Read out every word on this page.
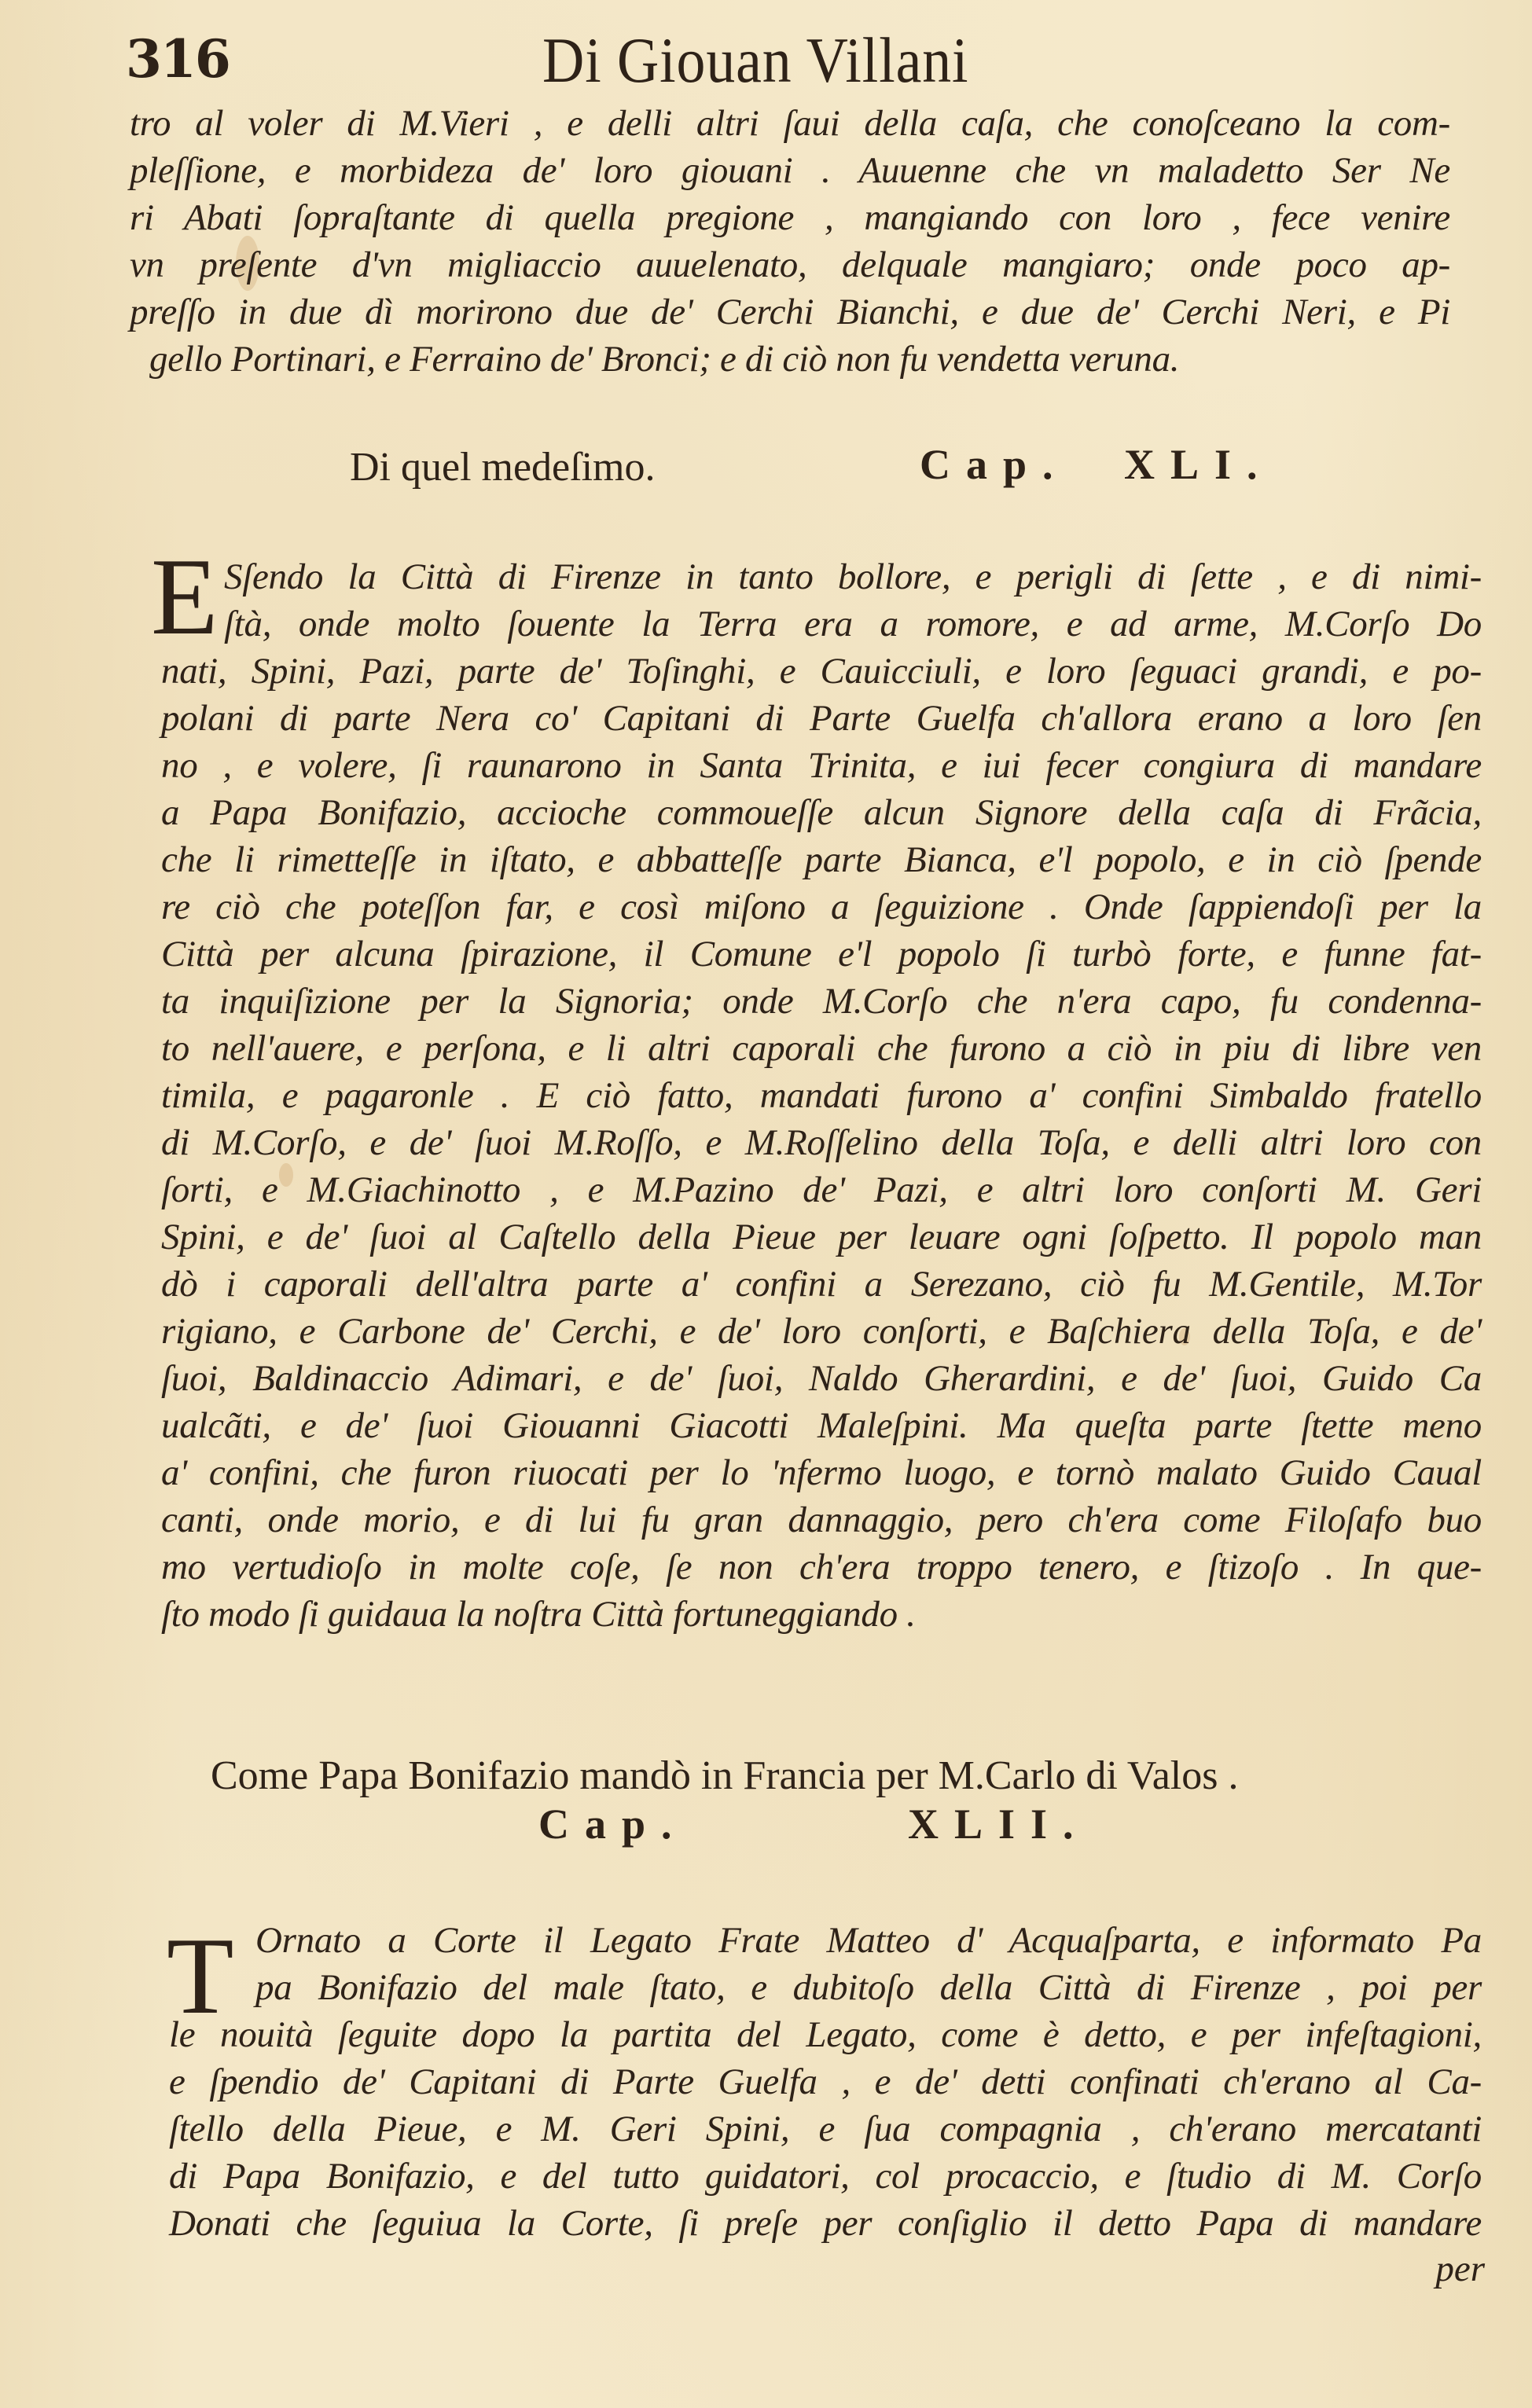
316	Di Giouan Villani
tro al voler di M.Vieri , e delli altri ſaui della caſa, che conoſceano la com-
pleſſione, e morbideza de' loro giouani . Auuenne che vn maladetto Ser Ne
ri Abati ſopraſtante di quella pregione , mangiando con loro , fece venire
vn preſente d'vn migliaccio auuelenato, delquale mangiaro; onde poco ap-
preſſo in due dì morirono due de' Cerchi Bianchi, e due de' Cerchi Neri, e Pi
gello Portinari, e Ferraino de' Bronci; e di ciò non fu vendetta veruna.
Di quel medeſimo.	Cap. XLI.
E Sſendo la Città di Firenze in tanto bollore, e perigli di ſette , e di nimi-
ſtà, onde molto ſouente la Terra era a romore, e ad arme, M.Corſo Do
nati, Spini, Pazi, parte de' Toſinghi, e Cauicciuli, e loro ſeguaci grandi, e po-
polani di parte Nera co' Capitani di Parte Guelfa ch'allora erano a loro ſen
no , e volere, ſi raunarono in Santa Trinita, e iui fecer congiura di mandare
a Papa Bonifazio, accioche commoueſſe alcun Signore della caſa di Frãcia,
che li rimetteſſe in iſtato, e abbatteſſe parte Bianca, e'l popolo, e in ciò ſpende
re ciò che poteſſon far, e così miſono a ſeguizione . Onde ſappiendoſi per la
Città per alcuna ſpirazione, il Comune e'l popolo ſi turbò forte, e funne fat-
ta inquiſizione per la Signoria; onde M.Corſo che n'era capo, fu condenna-
to nell'auere, e perſona, e li altri caporali che furono a ciò in piu di libre ven
timila, e pagaronle . E ciò fatto, mandati furono a' confini Simbaldo fratello
di M.Corſo, e de' ſuoi M.Roſſo, e M.Roſſelino della Toſa, e delli altri loro con
ſorti, e M.Giachinotto , e M.Pazino de' Pazi, e altri loro conſorti M. Geri
Spini, e de' ſuoi al Caſtello della Pieue per leuare ogni ſoſpetto. Il popolo man
dò i caporali dell'altra parte a' confini a Serezano, ciò fu M.Gentile, M.Tor
rigiano, e Carbone de' Cerchi, e de' loro conſorti, e Baſchiera della Toſa, e de'
ſuoi, Baldinaccio Adimari, e de' ſuoi, Naldo Gherardini, e de' ſuoi, Guido Ca
ualcãti, e de' ſuoi Giouanni Giacotti Maleſpini. Ma queſta parte ſtette meno
a' confini, che furon riuocati per lo 'nfermo luogo, e tornò malato Guido Caual
canti, onde morio, e di lui fu gran dannaggio, pero ch'era come Filoſafo buo
mo vertudioſo in molte coſe, ſe non ch'era troppo tenero, e ſtizoſo . In que-
ſto modo ſi guidaua la noſtra Città fortuneggiando .
Come Papa Bonifazio mandò in Francia per M.Carlo di Valos .
Cap.	XLII.
T Ornato a Corte il Legato Frate Matteo d' Acquaſparta, e informato Pa
pa Bonifazio del male ſtato, e dubitoſo della Città di Firenze , poi per
le nouità ſeguite dopo la partita del Legato, come è detto, e per infeſtagioni,
e ſpendio de' Capitani di Parte Guelfa , e de' detti confinati ch'erano al Ca-
ſtello della Pieue, e M. Geri Spini, e ſua compagnia , ch'erano mercatanti
di Papa Bonifazio, e del tutto guidatori, col procaccio, e ſtudio di M. Corſo
Donati che ſeguiua la Corte, ſi preſe per conſiglio il detto Papa di mandare
per
